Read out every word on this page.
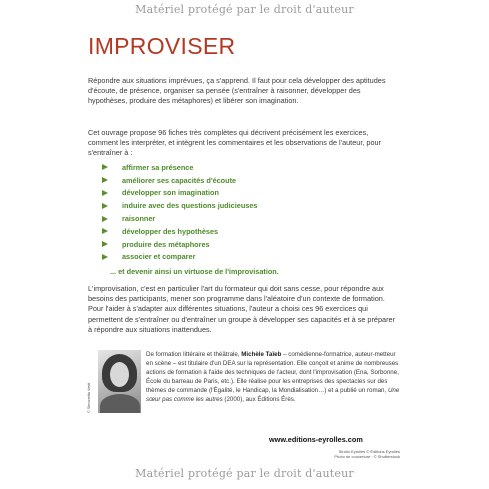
Matériel protégé par le droit d'auteur
IMPROVISER

Répondre aux situations imprévues, ça s'apprend. Il faut pour cela développer des aptitudes d'écoute, de présence, organiser sa pensée (s'entraîner à raisonner, développer des hypothèses, produire des métaphores) et libérer son imagination.

Cet ouvrage propose 96 fiches très complètes qui décrivent précisément les exercices, comment les interpréter, et intègrent les commentaires et les observations de l'auteur, pour s'entraîner à :

affirmer sa présence
améliorer ses capacités d'écoute
développer son imagination
induire avec des questions judicieuses
raisonner
développer des hypothèses
produire des métaphores
associer et comparer
... et devenir ainsi un virtuose de l'improvisation.

L'improvisation, c'est en particulier l'art du formateur qui doit sans cesse, pour répondre aux besoins des participants, mener son programme dans l'aléatoire d'un contexte de formation. Pour l'aider à s'adapter aux différentes situations, l'auteur a choisi ces 96 exercices qui permettent de s'entraîner ou d'entraîner un groupe à développer ses capacités et à se préparer à répondre aux situations inattendues.

© Simonetta Vesti

De formation littéraire et théâtrale, Michèle Taïeb – comédienne-formatrice, auteur-metteur en scène – est titulaire d'un DEA sur la représentation. Elle conçoit et anime de nombreuses actions de formation à l'aide des techniques de l'acteur, dont l'improvisation (Ena, Sorbonne, École du barreau de Paris, etc.). Elle réalise pour les entreprises des spectacles sur des thèmes de commande (l'Égalité, le Handicap, la Mondialisation…) et a publié un roman, Une sœur pas comme les autres (2000), aux Éditions Érès.

www.editions-eyrolles.com
Studio Eyrolles © Éditions Eyrolles
Photo de couverture : © Shutterstock
Matériel protégé par le droit d'auteur
